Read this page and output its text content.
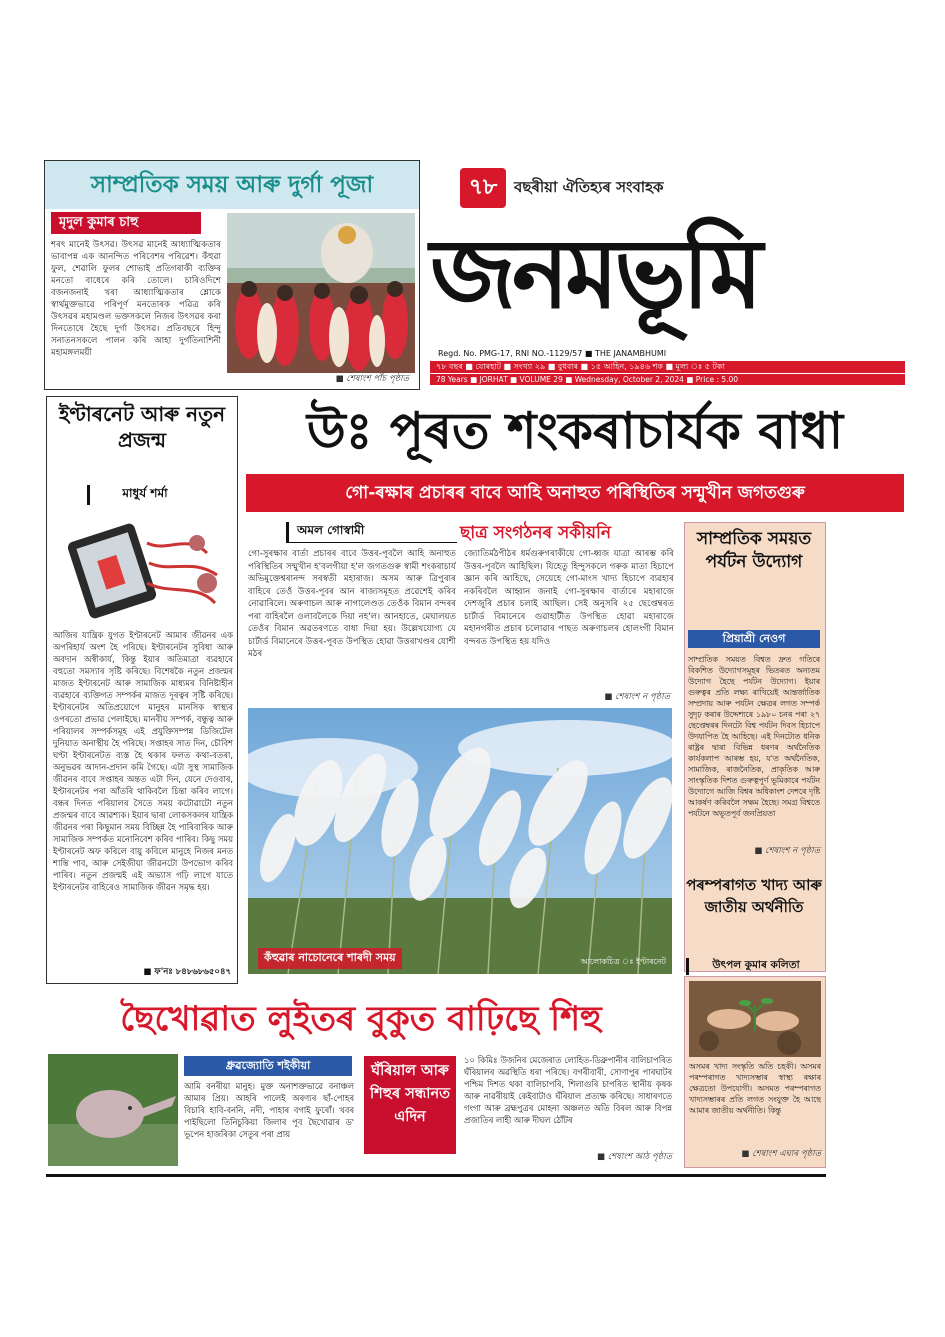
সাম্প্ৰতিক সময় আৰু দুৰ্গা পূজা
মৃদুল কুমাৰ চাহু
শৰৎ মানেই উৎসৱ। উৎসৱ মানেই আধ্যাত্মিকতাৰ ভাবাপন্ন এক আনন্দিত পৰিবেশৰ পৰিৱেশ। কঁহুৱা ফুল, শেৱালি ফুলৰ শোভাই প্ৰতিগৰাকী ব্যক্তিৰ মনতো বাধেৰে কৰি তোলে। চাৰিওদিশে বজনজনাই খৰা আধ্যাত্মিকতাৰ শ্লোকে স্বাৰ্থমুক্তভাৱে পৰিপূৰ্ণ মনতোৰক পৱিত্ৰ কৰি উৎসৱৰ মহামণ্ডল ভক্তসকলে নিজৰ উৎসৱৰ কৰা দিনতোষে হৈছে দুৰ্গা উৎসৱ। প্ৰতিবছৰে হিন্দু সনাতনসকলে পালন কৰি আহা দুৰ্গতিনাশিনী মহামঙ্গলময়ী
■ শেষাংশ পাঁচ পৃষ্ঠাত
৭৮	বছৰীয়া ঐতিহ্যৰ সংবাহক
জনমভূমি
Regd. No. PMG-17, RNI NO.-1129/57 ■ THE JANAMBHUMI
৭৮ বছৰ ■ যোৰহাট ■ সংখ্যা ২৯ ■ বুধবাৰ ■ ১৫ আহিন, ১৯৪৬ শক ■ মূল্য ঃ ৫ টকা
78 Years ■ JORHAT ■ VOLUME 29 ■ Wednesday, October 2, 2024 ■ Price : 5.00
ইণ্টাৰনেট আৰু নতুন প্ৰজন্ম
মাধুৰ্য শৰ্মা
আজিৰ যান্ত্ৰিক যুগত ইণ্টাৰনেট আমাৰ জীৱনৰ এক অপৰিহাৰ্য অংশ হৈ পৰিছে। ইণ্টাৰনেটৰ সুবিধা আৰু অবদান অস্বীকাৰ্য, কিন্তু ইয়াৰ অতিমাত্ৰা ব্যৱহাৰে বহুতো সমস্যাৰ সৃষ্টি কৰিছে। বিশেষকৈ নতুন প্ৰজন্মৰ মাজত ইণ্টাৰনেট আৰু সামাজিক মাধ্যমৰ বিনিষ্টাহীন ব্যৱহাৰে ব্যক্তিগত সম্পৰ্কৰ মাজত দূৰত্বৰ সৃষ্টি কৰিছে। ইণ্টাৰনেটৰ অতিপ্ৰয়োগে মানুহৰ মানসিক স্বাস্থ্যৰ ওপৰতো প্ৰভাৱ পেলাইছে। মানবীয় সম্পৰ্ক, বন্ধুত্ব আৰু পৰিয়ালৰ সম্পৰ্কসমূহ এই প্ৰযুক্তিসম্পন্ন ডিজিটেল দুনিয়াত অনাস্থীয় হৈ পৰিছে। সপ্তাহৰ সাত দিন, চৌবিশ ঘণ্টা ইণ্টাৰনেটত ব্যস্ত হৈ থকাৰ ফলত কথা-বতৰা, অনুভৱৰ আদান-প্ৰদান কমি গৈছে। এটা সুস্থ সামাজিক জীৱনৰ বাবে সপ্তাহৰ অন্তত এটা দিন, যেনে দেওবাৰ, ইণ্টাৰনেটৰ পৰা আঁতৰি থাকিবলৈ চিন্তা কৰিব লাগে। বন্ধৰ দিনত পৰিয়ালৰ সৈতে সময় কটোৱাটো নতুন প্ৰজন্মৰ বাবে আৱশ্যক। ইয়াৰ দ্বাৰা লোকসকলৰ যান্ত্ৰিক জীৱনৰ পৰা কিছুমান সময় বিচ্ছিন্ন হৈ পাৰিবাৰিক আৰু সামাজিক সম্পৰ্কত মনোনিবেশ কৰিব পাৰিব। কিছু সময় ইণ্টাৰনেট অফ কৰিলে বায়ু কবিলে মানুহে নিজৰ মনত শান্তি পাব, আৰু সেইজীয়া জীৱনটো উপভোগ কৰিব পাৰিব। নতুন প্ৰজন্মই এই অভ্যাস গঢ়ি লাগে যাতে ইণ্টাৰনেটৰ বাহিৰেও সামাজিক জীৱন সমৃদ্ধ হয়।
■ ফ'নঃ ৮৪৮৬৮৬৫০৪৭
উঃ পূৰত শংকৰাচাৰ্যক বাধা
গো-ৰক্ষাৰ প্ৰচাৰৰ বাবে আহি অনাহুত পৰিস্থিতিৰ সন্মুখীন জগতগুৰু
অমল গোস্বামী	ছাত্ৰ সংগঠনৰ সকীয়নি
গো-সুৰক্ষাৰ বাৰ্তা প্ৰচাৰৰ বাবে উত্তৰ-পূবলৈ আহি অনাহুত পৰিস্থিতিৰ সন্মুখীন হ'বলগীয়া হ'ল জগতগুৰু স্বামী শংকৰাচাৰ্য অভিমুক্তেশ্বৰানন্দ সৰস্বতী মহাৰাজ। অসম আৰু ত্ৰিপুৰাৰ বাহিৰে তেওঁ উত্তৰ-পূবৰ আন ৰাজ্যসমূহত প্ৰৱেশেই কৰিব নোৱাৰিলে। অৰুণাচল আৰু নাগালেণ্ডত তেওঁক বিমান বন্দৰৰ পৰা বাহিৰলৈ ওলাবলৈকে দিয়া নহ'ল। আনহাতে, মেঘালয়ত তেওঁৰ বিমান অৱতৰণতে বাধা দিয়া হয়। উল্লেখযোগ্য যে চাৰ্টাৰ্ড বিমানেৰে উত্তৰ-পূবত উপস্থিত হোৱা উত্তৰাখণ্ডৰ যোশী মঠৰ
জ্যোতিৰ্মঠপীঠৰ ধৰ্মগুৰুগৰাকীয়ে গো-ধ্বজ যাত্ৰা আৰম্ভ কৰি উত্তৰ-পূবলৈ আহিছিল। যিহেতু হিন্দুসকলে গৰুক মাতা হিচাপে জ্ঞান কৰি আহিছে, সেয়েহে গো-মাংস খাদ্য হিচাপে ব্যৱহাৰ নকৰিবলৈ আহ্বান জনাই গো-সুৰক্ষাৰ বাৰ্তাৰে মহাৰাজে দেশজুৰি প্ৰচাৰ চলাই আছিল। সেই অনুসৰি ২৫ ছেপ্তেম্বৰত চাৰ্টাৰ্ড বিমানেৰে গুৱাহাটীত উপস্থিত হোৱা মহাৰাজে মহানগৰীত প্ৰচাৰ চলোৱাৰ পাছত অৰুণাচলৰ হোলংগী বিমান বন্দৰত উপস্থিত হয় যদিও
■ শেষাংশ ন পৃষ্ঠাত
কঁহুৱাৰ নাচোনেৰে শাৰদী সময়	আলোকচিত্ৰ ঃ ইণ্টাৰনেট
সাম্প্ৰতিক সময়ত পৰ্যটন উদ্যোগ
প্ৰিয়াশ্ৰী নেওগ
সাম্প্ৰতিক সময়ত বিশ্বত দ্ৰুত গতিৰে বিকশিত উদ্যোগসমূহৰ ভিতৰত অন্যতম উদ্যোগ হৈছে পৰ্যটন উদ্যোগ। ইয়াৰ গুৰুত্বৰ প্ৰতি লক্ষ্য ৰাখিয়েই আন্তৰ্জাতিক সম্প্ৰদায় আৰু পৰ্যটন ক্ষেত্ৰৰ লগত সম্পৰ্ক সুদৃঢ় কৰাৰ উদ্দেশ্যৰে ১৯৮০ চনৰ পৰা ২৭ ছেপ্তেম্বৰৰ দিনটো বিশ্ব পৰ্যটন দিবস হিচাপে উদযাপিত হৈ আহিছে। এই দিনটোত ধনিক ৰাষ্ট্ৰৰ দ্বাৰা বিভিন্ন ধৰণৰ অৰ্থনৈতিক কাৰ্যকলাপ আৰম্ভ হয়, য'ত অৰ্থনৈতিক, সামাজিক, ৰাজনৈতিক, প্ৰাকৃতিক আৰু সাংস্কৃতিক দিশত গুৰুত্বপূৰ্ণ ভূমিকাৰে পৰ্যটন উদ্যোগে আজি বিশ্বৰ অধিকাংশ দেশৰে দৃষ্টি আকৰ্ষণ কৰিবলৈ সক্ষম হৈছে। সমগ্ৰ বিশ্বতে পৰ্যটনে অভূতপূৰ্ব জনপ্ৰিয়তা
■ শেষাংশ ন পৃষ্ঠাত
পৰম্পৰাগত খাদ্য আৰু জাতীয় অৰ্থনীতি
উৎপল কুমাৰ কলিতা
অসমৰ খাদ্য সংস্কৃতি অতি চহকী। অসমৰ পৰম্পৰাগত খাদ্যসম্ভাৰ স্বাস্থ্য ৰক্ষাৰ ক্ষেত্ৰতো উপযোগী। অসমত পৰম্পৰাগত খাদ্যসম্ভাৰৰ প্ৰতি লগত সংযুক্ত হৈ আছে আমাৰ জাতীয় অৰ্থনীতি। কিন্তু
■ শেষাংশ এঘাৰ পৃষ্ঠাত
ছৈখোৱাত লুইতৰ বুকুত বাঢ়িছে শিহু
ধ্ৰুৱজ্যোতি শইকীয়া
আমি বনৰীয়া মানুহ। মুক্ত অনাশক্তভাৱে বনাঞ্চল আমাৰ প্ৰিয়। আহৰি পালেই অৰণ্যৰ ছাঁ-পোহৰ বিচাৰি হাবি-বননি, নদী, পাহাৰ বগাই ফুৰোঁ। খবৰ পাইছিলো তিনিচুকিয়া জিলাৰ পূব ছৈখোৱাৰ ড' ভূপেন হাজৰিকা সেতুৰ পৰা প্ৰায়
ঘঁৰিয়াল আৰু শিহুৰ সন্ধানত এদিন
১০ কিমিঃ উজনিৰ মেজেৰাত লোহিত-ডিব্ৰুপানীৰ বালিচাপৰিত ঘঁৰিয়ালৰ অৱস্থিতি ধৰা পৰিছে। বগৰীবাৰী, সোণাপুৰ পাৰঘাটৰ পশ্চিম দিশত থকা বালিচাপৰি, শিলাগুৰি চাপৰিত স্থানীয় কৃষক আৰু নাৱৰীয়াই কেইবাটাও ঘঁৰিয়াল প্ৰত্যক্ষ কৰিছে। সাধাৰণতে গংগা আৰু ব্ৰহ্মপুত্ৰৰ মোহনা অঞ্চলত অতি বিৰল আৰু বিপন্ন প্ৰজাতিৰ লাহী আৰু দীঘল ঠোঁটৰ
■ শেষাংশ আঠ পৃষ্ঠাত
